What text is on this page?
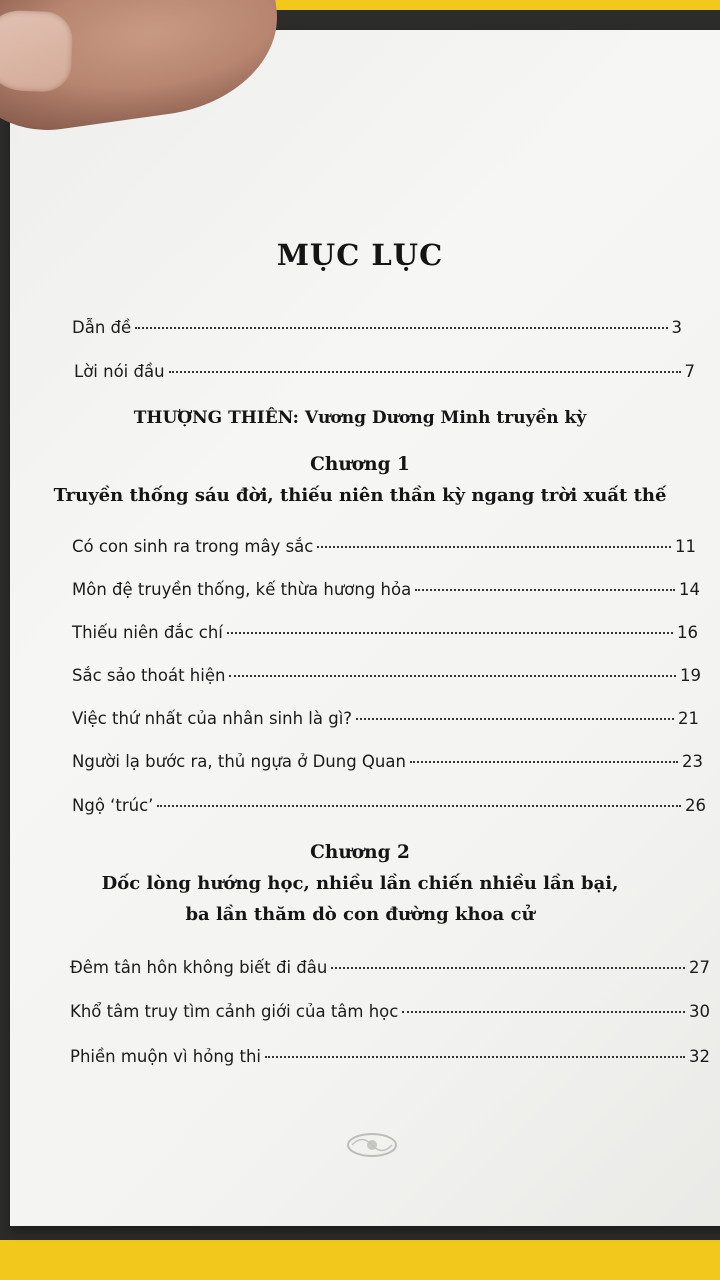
MỤC LỤC
Dẫn đề	3
Lời nói đầu	7
THƯỢNG THIÊN: Vương Dương Minh truyền kỳ
Chương 1
Truyền thống sáu đời, thiếu niên thần kỳ ngang trời xuất thế
Có con sinh ra trong mây sắc	11
Môn đệ truyền thống, kế thừa hương hỏa	14
Thiếu niên đắc chí	16
Sắc sảo thoát hiện	19
Việc thứ nhất của nhân sinh là gì?	21
Người lạ bước ra, thủ ngựa ở Dung Quan	23
Ngộ ‘trúc’	26
Chương 2
Dốc lòng hướng học, nhiều lần chiến nhiều lần bại,
ba lần thăm dò con đường khoa cử
Đêm tân hôn không biết đi đâu	27
Khổ tâm truy tìm cảnh giới của tâm học	30
Phiền muộn vì hỏng thi	32
